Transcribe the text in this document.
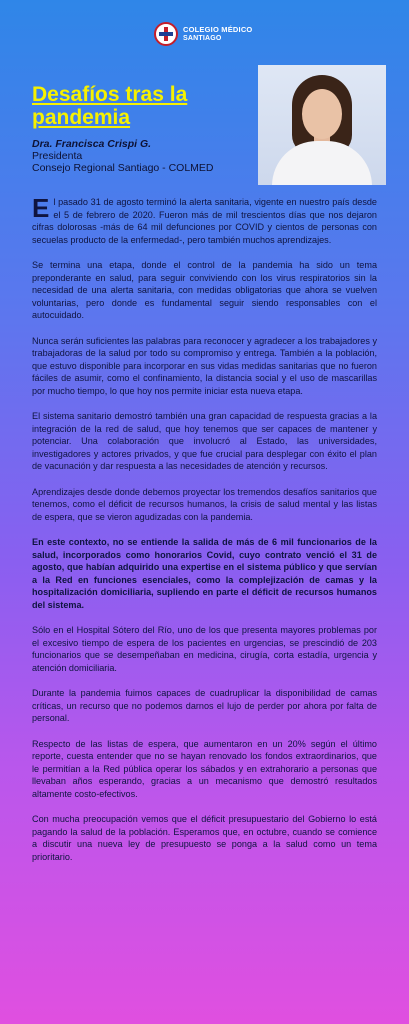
COLEGIO MÉDICO
SANTIAGO
Desafíos tras la pandemia
Dra. Francisca Crispi G.
Presidenta
Consejo Regional Santiago - COLMED

El pasado 31 de agosto terminó la alerta sanitaria, vigente en nuestro país desde el 5 de febrero de 2020. Fueron más de mil trescientos días que nos dejaron cifras dolorosas -más de 64 mil defunciones por COVID y cientos de personas con secuelas producto de la enfermedad-, pero también muchos aprendizajes.

Se termina una etapa, donde el control de la pandemia ha sido un tema preponderante en salud, para seguir conviviendo con los virus respiratorios sin la necesidad de una alerta sanitaria, con medidas obligatorias que ahora se vuelven voluntarias, pero donde es fundamental seguir siendo responsables con el autocuidado.

Nunca serán suficientes las palabras para reconocer y agradecer a los trabajadores y trabajadoras de la salud por todo su compromiso y entrega. También a la población, que estuvo disponible para incorporar en sus vidas medidas sanitarias que no fueron fáciles de asumir, como el confinamiento, la distancia social y el uso de mascarillas por mucho tiempo, lo que hoy nos permite iniciar esta nueva etapa.

El sistema sanitario demostró también una gran capacidad de respuesta gracias a la integración de la red de salud, que hoy tenemos que ser capaces de mantener y potenciar. Una colaboración que involucró al Estado, las universidades, investigadores y actores privados, y que fue crucial para desplegar con éxito el plan de vacunación y dar respuesta a las necesidades de atención y recursos.

Aprendizajes desde donde debemos proyectar los tremendos desafíos sanitarios que tenemos, como el déficit de recursos humanos, la crisis de salud mental y las listas de espera, que se vieron agudizadas con la pandemia.

En este contexto, no se entiende la salida de más de 6 mil funcionarios de la salud, incorporados como honorarios Covid, cuyo contrato venció el 31 de agosto, que habían adquirido una expertise en el sistema público y que servían a la Red en funciones esenciales, como la complejización de camas y la hospitalización domiciliaria, supliendo en parte el déficit de recursos humanos del sistema.

Sólo en el Hospital Sótero del Río, uno de los que presenta mayores problemas por el excesivo tiempo de espera de los pacientes en urgencias, se prescindió de 203 funcionarios que se desempeñaban en medicina, cirugía, corta estadía, urgencia y atención domiciliaria.

Durante la pandemia fuimos capaces de cuadruplicar la disponibilidad de camas críticas, un recurso que no podemos darnos el lujo de perder por ahora por falta de personal.

Respecto de las listas de espera, que aumentaron en un 20% según el último reporte, cuesta entender que no se hayan renovado los fondos extraordinarios, que le permitían a la Red pública operar los sábados y en extrahorario a personas que llevaban años esperando, gracias a un mecanismo que demostró resultados altamente costo-efectivos.

Con mucha preocupación vemos que el déficit presupuestario del Gobierno lo está pagando la salud de la población. Esperamos que, en octubre, cuando se comience a discutir una nueva ley de presupuesto se ponga a la salud como un tema prioritario.
